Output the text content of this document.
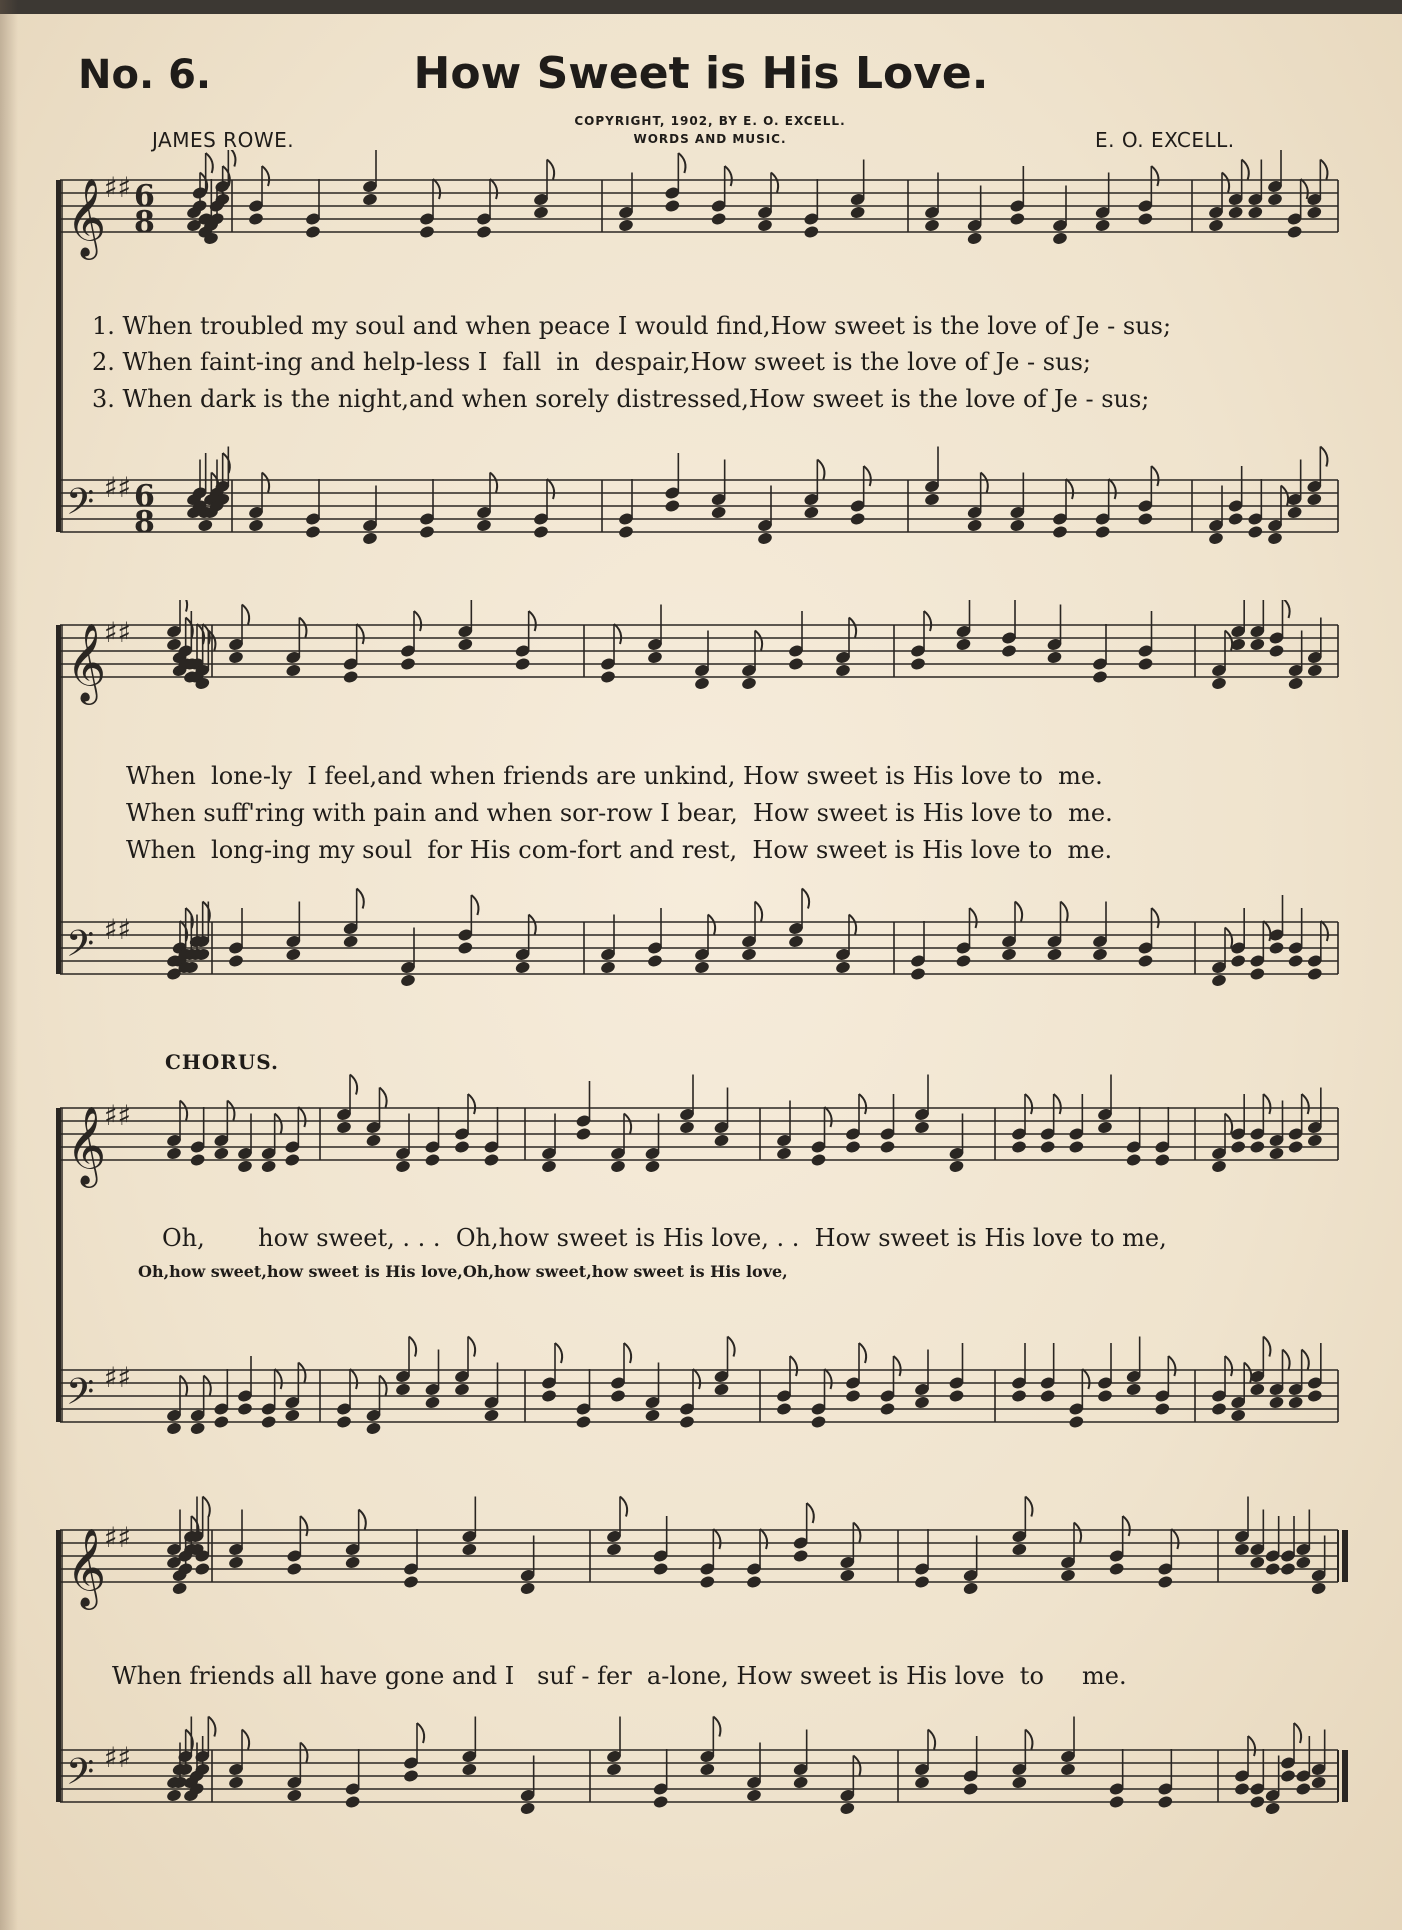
No. 6.	How Sweet is His Love.
JAMES ROWE.
COPYRIGHT, 1902, BY E. O. EXCELL.
WORDS AND MUSIC.	E. O. EXCELL.
𝄞
♯♯ 6
8
𝄢 ♯♯ 6
8
1. When troubled my soul and when peace I would find,How sweet is the love of Je - sus;
2. When faint-ing and help-less I  fall  in  despair,How sweet is the love of Je - sus;
3. When dark is the night,and when sorely distressed,How sweet is the love of Je - sus;
𝄞
♯♯
𝄢 ♯♯
When  lone-ly  I feel,and when friends are unkind, How sweet is His love to  me.
When suff'ring with pain and when sor-row I bear,  How sweet is His love to  me.
When  long-ing my soul  for His com-fort and rest,  How sweet is His love to  me.
CHORUS.
𝄞
♯♯
𝄢 ♯♯
Oh,       how sweet, . . .  Oh,how sweet is His love, . .  How sweet is His love to me,
Oh,how sweet,how sweet is His love,Oh,how sweet,how sweet is His love,
𝄞
♯♯
𝄢 ♯♯
When friends all have gone and I   suf - fer  a-lone, How sweet is His love  to     me.
